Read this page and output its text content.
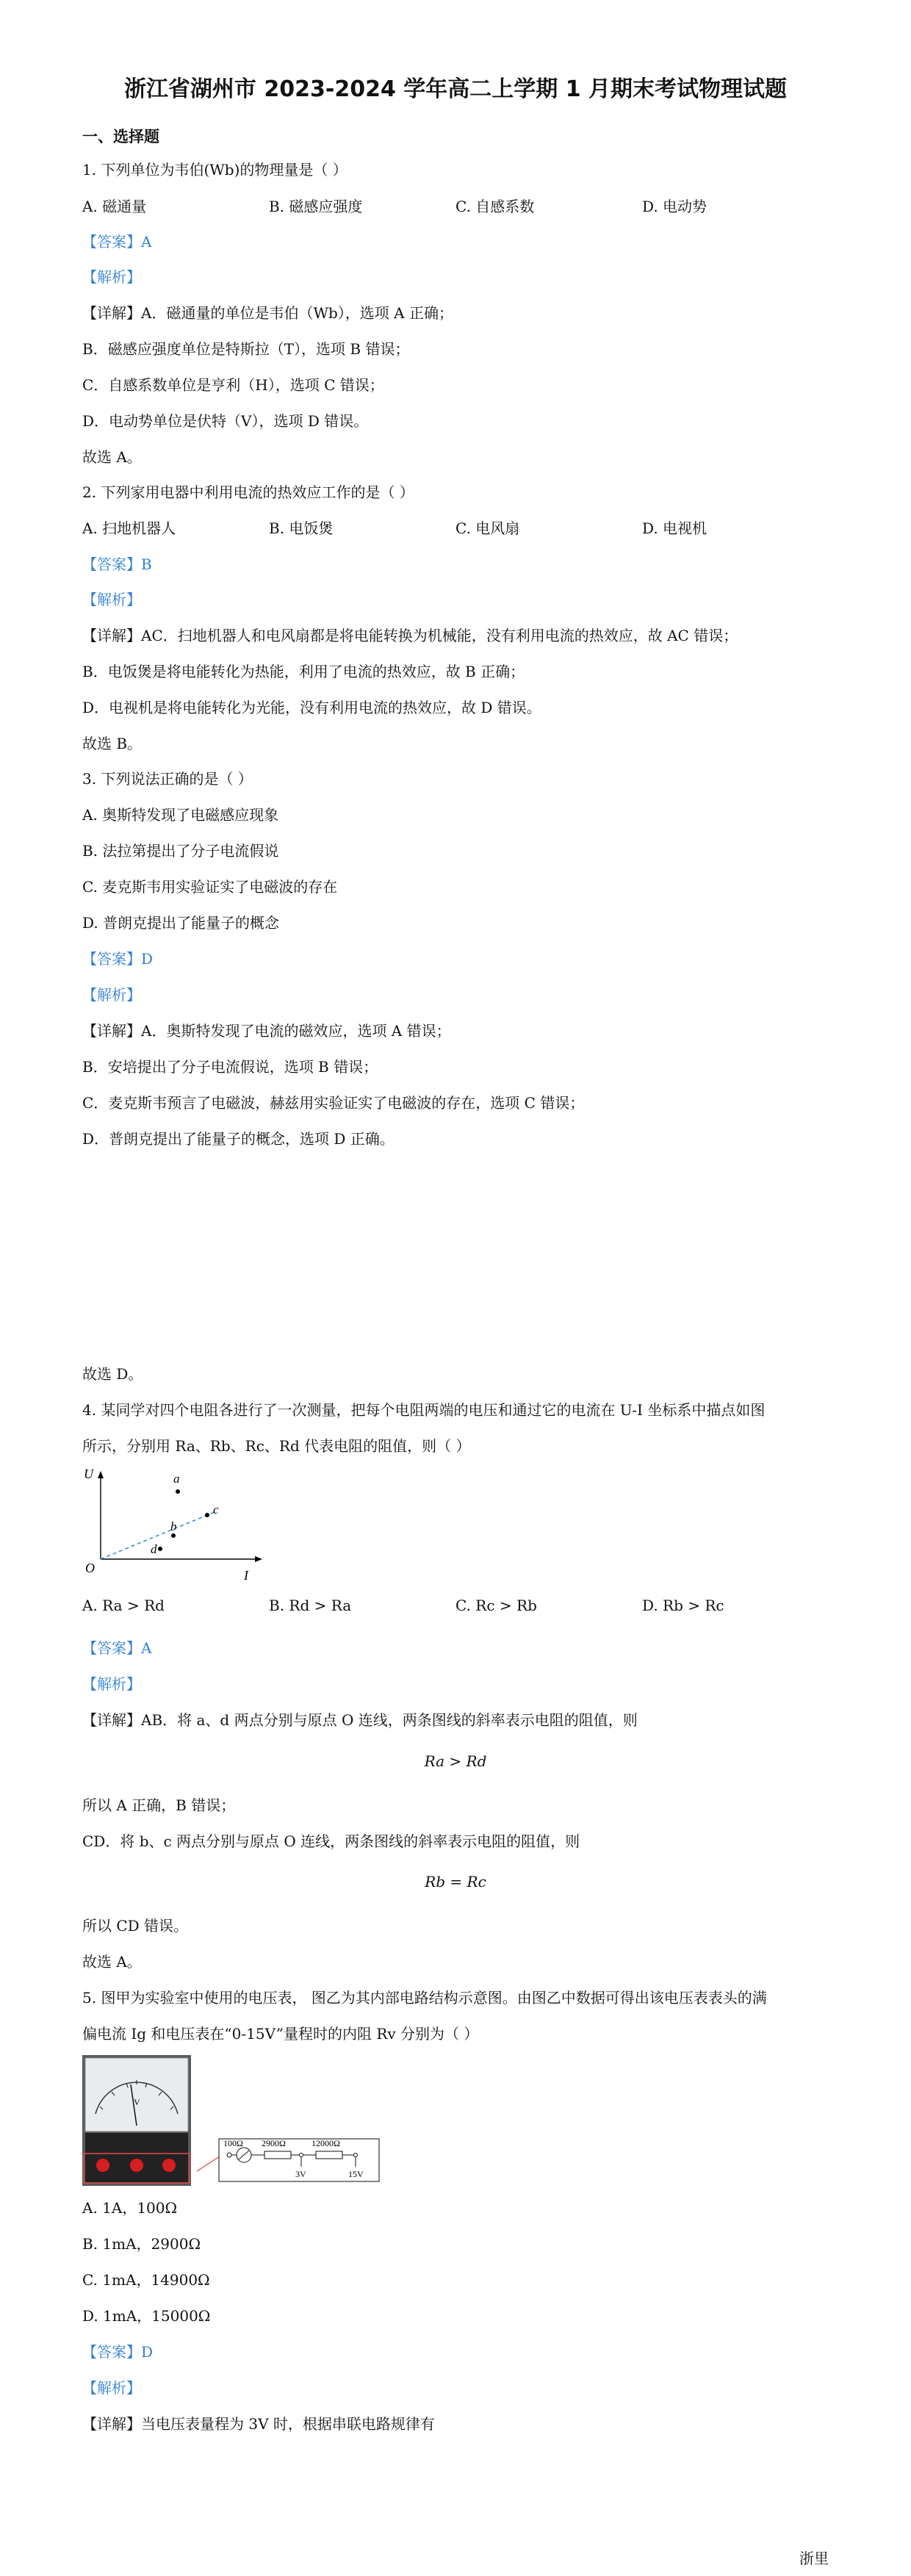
浙江省湖州市 2023-2024 学年高二上学期 1 月期末考试物理试题
一、选择题
1. 下列单位为韦伯(Wb)的物理量是（ ）
A. 磁通量	B. 磁感应强度	C. 自感系数	D. 电动势
【答案】A
【解析】
【详解】A．磁通量的单位是韦伯（Wb），选项 A 正确；
B．磁感应强度单位是特斯拉（T），选项 B 错误；
C．自感系数单位是亨利（H），选项 C 错误；
D．电动势单位是伏特（V），选项 D 错误。
故选 A。
2. 下列家用电器中利用电流的热效应工作的是（ ）
A. 扫地机器人	B. 电饭煲	C. 电风扇	D. 电视机
【答案】B
【解析】
【详解】AC．扫地机器人和电风扇都是将电能转换为机械能，没有利用电流的热效应，故 AC 错误；
B．电饭煲是将电能转化为热能，利用了电流的热效应，故 B 正确；
D．电视机是将电能转化为光能，没有利用电流的热效应，故 D 错误。
故选 B。
3. 下列说法正确的是（ ）
A. 奥斯特发现了电磁感应现象
B. 法拉第提出了分子电流假说
C. 麦克斯韦用实验证实了电磁波的存在
D. 普朗克提出了能量子的概念
【答案】D
【解析】
【详解】A．奥斯特发现了电流的磁效应，选项 A 错误；
B．安培提出了分子电流假说，选项 B 错误；
C．麦克斯韦预言了电磁波，赫兹用实验证实了电磁波的存在，选项 C 错误；
D．普朗克提出了能量子的概念，选项 D 正确。
故选 D。
4. 某同学对四个电阻各进行了一次测量，把每个电阻两端的电压和通过它的电流在 U-I 坐标系中描点如图
所示，分别用 Ra、Rb、Rc、Rd 代表电阻的阻值，则（ ）
U
I
O
a
b
c
d
A. Ra > Rd	B. Rd > Ra	C. Rc > Rb	D. Rb > Rc
【答案】A
【解析】
【详解】AB．将 a、d 两点分别与原点 O 连线，两条图线的斜率表示电阻的阻值，则
Ra > Rd
所以 A 正确，B 错误；
CD．将 b、c 两点分别与原点 O 连线，两条图线的斜率表示电阻的阻值，则
Rb = Rc
所以 CD 错误。
故选 A。
5. 图甲为实验室中使用的电压表， 图乙为其内部电路结构示意图。由图乙中数据可得出该电压表表头的满
偏电流 Ig 和电压表在“0-15V”量程时的内阻 Rv 分别为（ ）
V
100Ω 2900Ω
3V
12000Ω
15V
A. 1A，100Ω
B. 1mA，2900Ω
C. 1mA，14900Ω
D. 1mA，15000Ω
【答案】D
【解析】
【详解】当电压表量程为 3V 时，根据串联电路规律有
浙里
